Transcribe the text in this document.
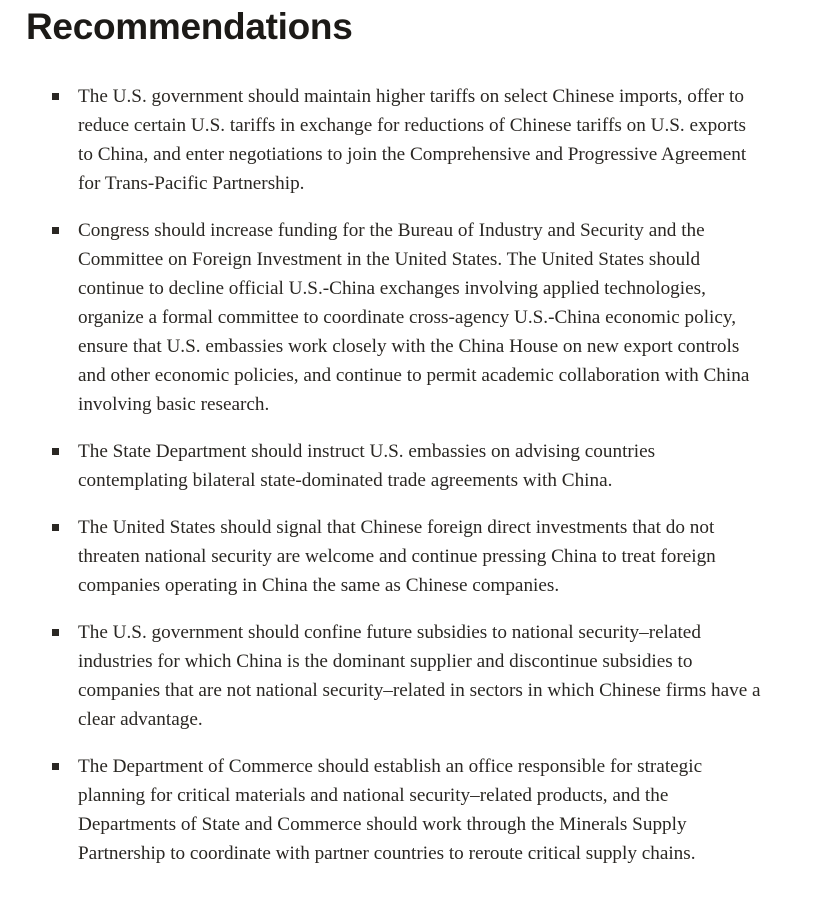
Recommendations
The U.S. government should maintain higher tariffs on select Chinese imports, offer to reduce certain U.S. tariffs in exchange for reductions of Chinese tariffs on U.S. exports to China, and enter negotiations to join the Comprehensive and Progressive Agreement for Trans-Pacific Partnership.
Congress should increase funding for the Bureau of Industry and Security and the Committee on Foreign Investment in the United States. The United States should continue to decline official U.S.-China exchanges involving applied technologies, organize a formal committee to coordinate cross-agency U.S.-China economic policy, ensure that U.S. embassies work closely with the China House on new export controls and other economic policies, and continue to permit academic collaboration with China involving basic research.
The State Department should instruct U.S. embassies on advising countries contemplating bilateral state-dominated trade agreements with China.
The United States should signal that Chinese foreign direct investments that do not threaten national security are welcome and continue pressing China to treat foreign companies operating in China the same as Chinese companies.
The U.S. government should confine future subsidies to national security–related industries for which China is the dominant supplier and discontinue subsidies to companies that are not national security–related in sectors in which Chinese firms have a clear advantage.
The Department of Commerce should establish an office responsible for strategic planning for critical materials and national security–related products, and the Departments of State and Commerce should work through the Minerals Supply Partnership to coordinate with partner countries to reroute critical supply chains.
